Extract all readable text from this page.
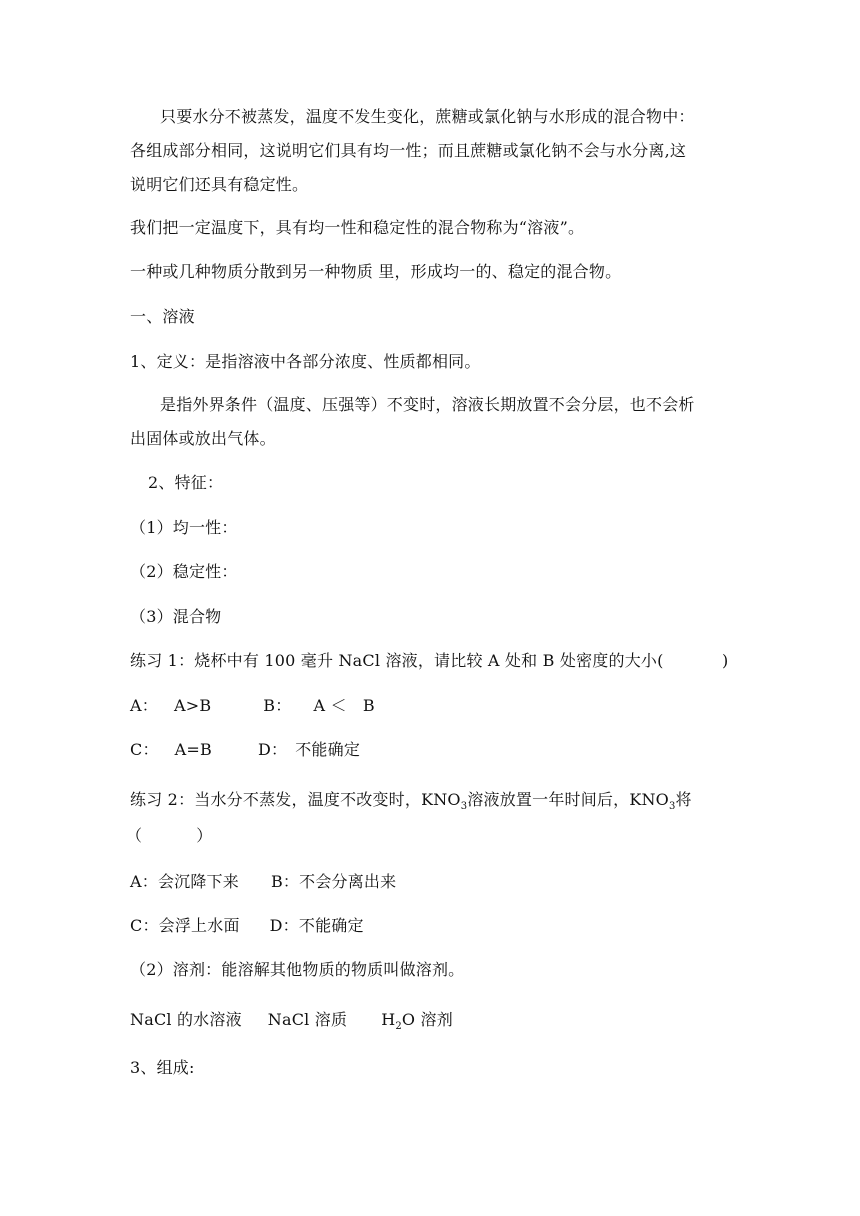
只要水分不被蒸发，温度不发生变化，蔗糖或氯化钠与水形成的混合物中：
各组成部分相同，这说明它们具有均一性；而且蔗糖或氯化钠不会与水分离,这
说明它们还具有稳定性。
我们把一定温度下，具有均一性和稳定性的混合物称为“溶液”。
一种或几种物质分散到另一种物质 里，形成均一的、稳定的混合物。
一、溶液
1、定义：是指溶液中各部分浓度、性质都相同。
是指外界条件（温度、压强等）不变时，溶液长期放置不会分层，也不会析
出固体或放出气体。
2、特征：
（1）均一性：
（2）稳定性：
（3）混合物
练习 1：烧杯中有 100 毫升 NaCl 溶液，请比较 A 处和 B 处密度的大小(	)
A： A>B	B： A ＜　B
C： A=B	D： 不能确定
练习 2：当水分不蒸发，温度不改变时，$KNO_3$溶液放置一年时间后，$KNO_3$将
（	）
A：会沉降下来 B：不会分离出来
C：会浮上水面 D：不能确定
（2）溶剂：能溶解其他物质的物质叫做溶剂。
NaCl 的水溶液 NaCl 溶质 $H_2O$ 溶剂
3、组成:
